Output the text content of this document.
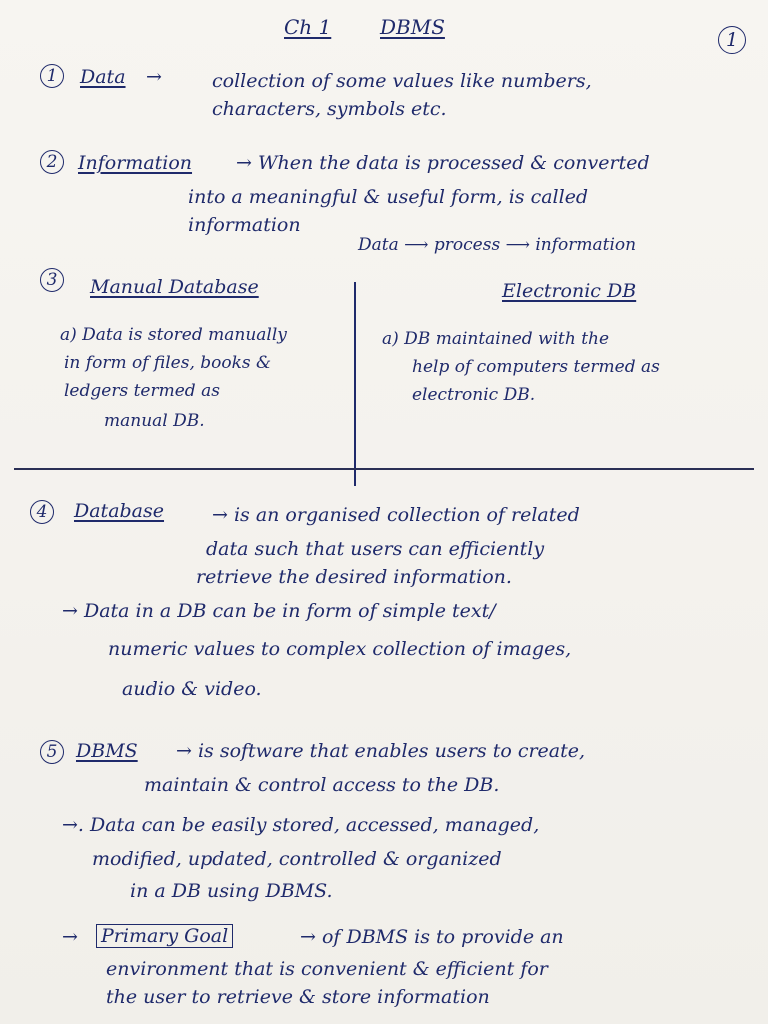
Ch 1 DBMS
1
1	Data →	collection of some values like numbers,
characters, symbols etc.
2	Information → When the data is processed & converted
into a meaningful & useful form, is called
information
Data ⟶ process ⟶ information
3	Manual Database	Electronic DB
a) Data is stored manually
in form of files, books &
ledgers termed as
manual DB.
a) DB maintained with the
help of computers termed as
electronic DB.
4	Database	→ is an organised collection of related
data such that users can efficiently
retrieve the desired information.
→ Data in a DB can be in form of simple text/
numeric values to complex collection of images,
audio & video.
5 DBMS → is software that enables users to create,
maintain & control access to the DB.
→. Data can be easily stored, accessed, managed,
modified, updated, controlled & organized
in a DB using DBMS.
→ Primary Goal	→ of DBMS is to provide an
environment that is convenient & efficient for
the user to retrieve & store information
